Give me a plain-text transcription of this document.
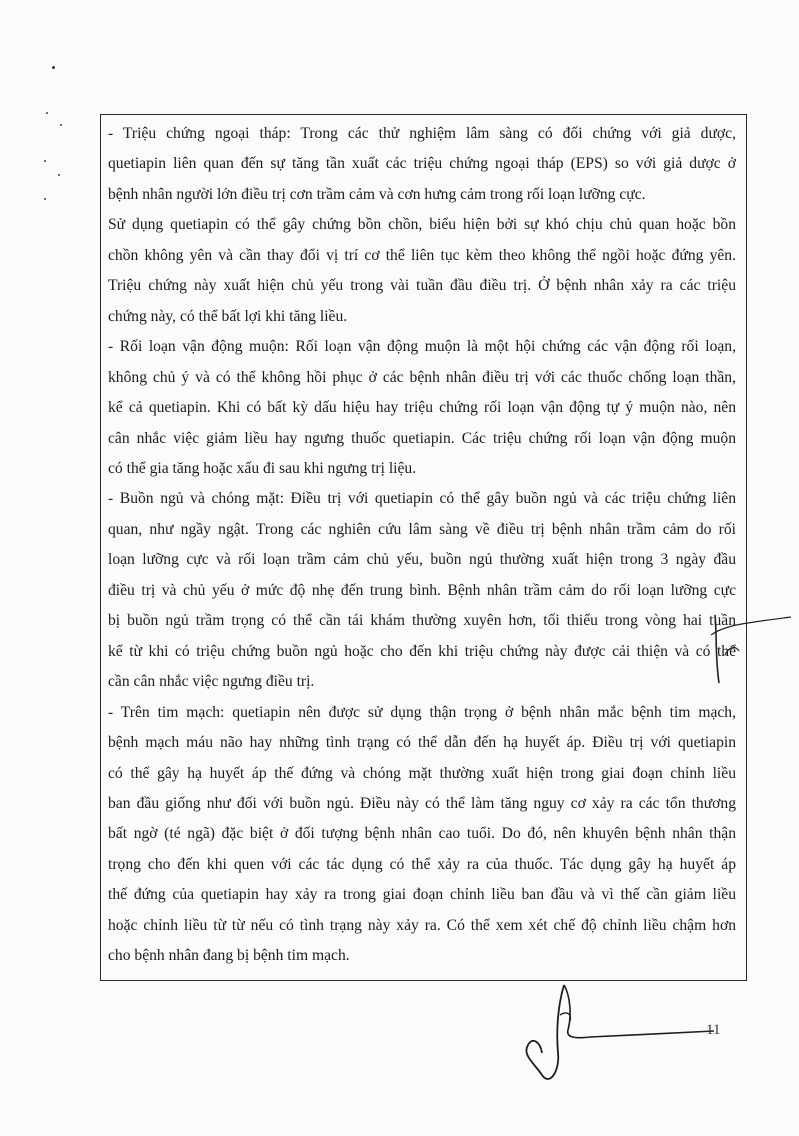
- Triệu chứng ngoại tháp: Trong các thử nghiệm lâm sàng có đối chứng với giả dược,

quetiapin liên quan đến sự tăng tần xuất các triệu chứng ngoại tháp (EPS) so với giả dược ở

bệnh nhân người lớn điều trị cơn trầm cảm và cơn hưng cảm trong rối loạn lưỡng cực.

Sử dụng quetiapin có thể gây chứng bồn chồn, biểu hiện bởi sự khó chịu chủ quan hoặc bồn

chồn không yên và cần thay đổi vị trí cơ thể liên tục kèm theo không thể ngồi hoặc đứng yên.

Triệu chứng này xuất hiện chủ yếu trong vài tuần đầu điều trị. Ở bệnh nhân xảy ra các triệu

chứng này, có thể bất lợi khi tăng liều.

- Rối loạn vận động muộn: Rối loạn vận động muộn là một hội chứng các vận động rối loạn,

không chủ ý và có thể không hồi phục ở các bệnh nhân điều trị với các thuốc chống loạn thần,

kể cả quetiapin. Khi có bất kỳ dấu hiệu hay triệu chứng rối loạn vận động tự ý muộn nào, nên

cân nhắc việc giảm liều hay ngưng thuốc quetiapin. Các triệu chứng rối loạn vận động muộn

có thể gia tăng hoặc xấu đi sau khi ngưng trị liệu.

- Buồn ngủ và chóng mặt: Điều trị với quetiapin có thể gây buồn ngủ và các triệu chứng liên

quan, như ngầy ngật. Trong các nghiên cứu lâm sàng về điều trị bệnh nhân trầm cảm do rối

loạn lưỡng cực và rối loạn trầm cảm chủ yếu, buồn ngủ thường xuất hiện trong 3 ngày đầu

điều trị và chủ yếu ở mức độ nhẹ đến trung bình. Bệnh nhân trầm cảm do rối loạn lưỡng cực

bị buồn ngủ trầm trọng có thể cần tái khám thường xuyên hơn, tối thiểu trong vòng hai tuần

kể từ khi có triệu chứng buồn ngủ hoặc cho đến khi triệu chứng này được cải thiện và có thể

cần cân nhắc việc ngưng điều trị.

- Trên tim mạch: quetiapin nên được sử dụng thận trọng ở bệnh nhân mắc bệnh tim mạch,

bệnh mạch máu não hay những tình trạng có thể dẫn đến hạ huyết áp. Điều trị với quetiapin

có thể gây hạ huyết áp thế đứng và chóng mặt thường xuất hiện trong giai đoạn chỉnh liều

ban đầu giống như đối với buồn ngủ. Điều này có thể làm tăng nguy cơ xảy ra các tổn thương

bất ngờ (té ngã) đặc biệt ở đối tượng bệnh nhân cao tuổi. Do đó, nên khuyên bệnh nhân thận

trọng cho đến khi quen với các tác dụng có thể xảy ra của thuốc. Tác dụng gây hạ huyết áp

thế đứng của quetiapin hay xảy ra trong giai đoạn chỉnh liều ban đầu và vì thế cần giảm liều

hoặc chỉnh liều từ từ nếu có tình trạng này xảy ra. Có thể xem xét chế độ chỉnh liều chậm hơn

cho bệnh nhân đang bị bệnh tim mạch.

11
